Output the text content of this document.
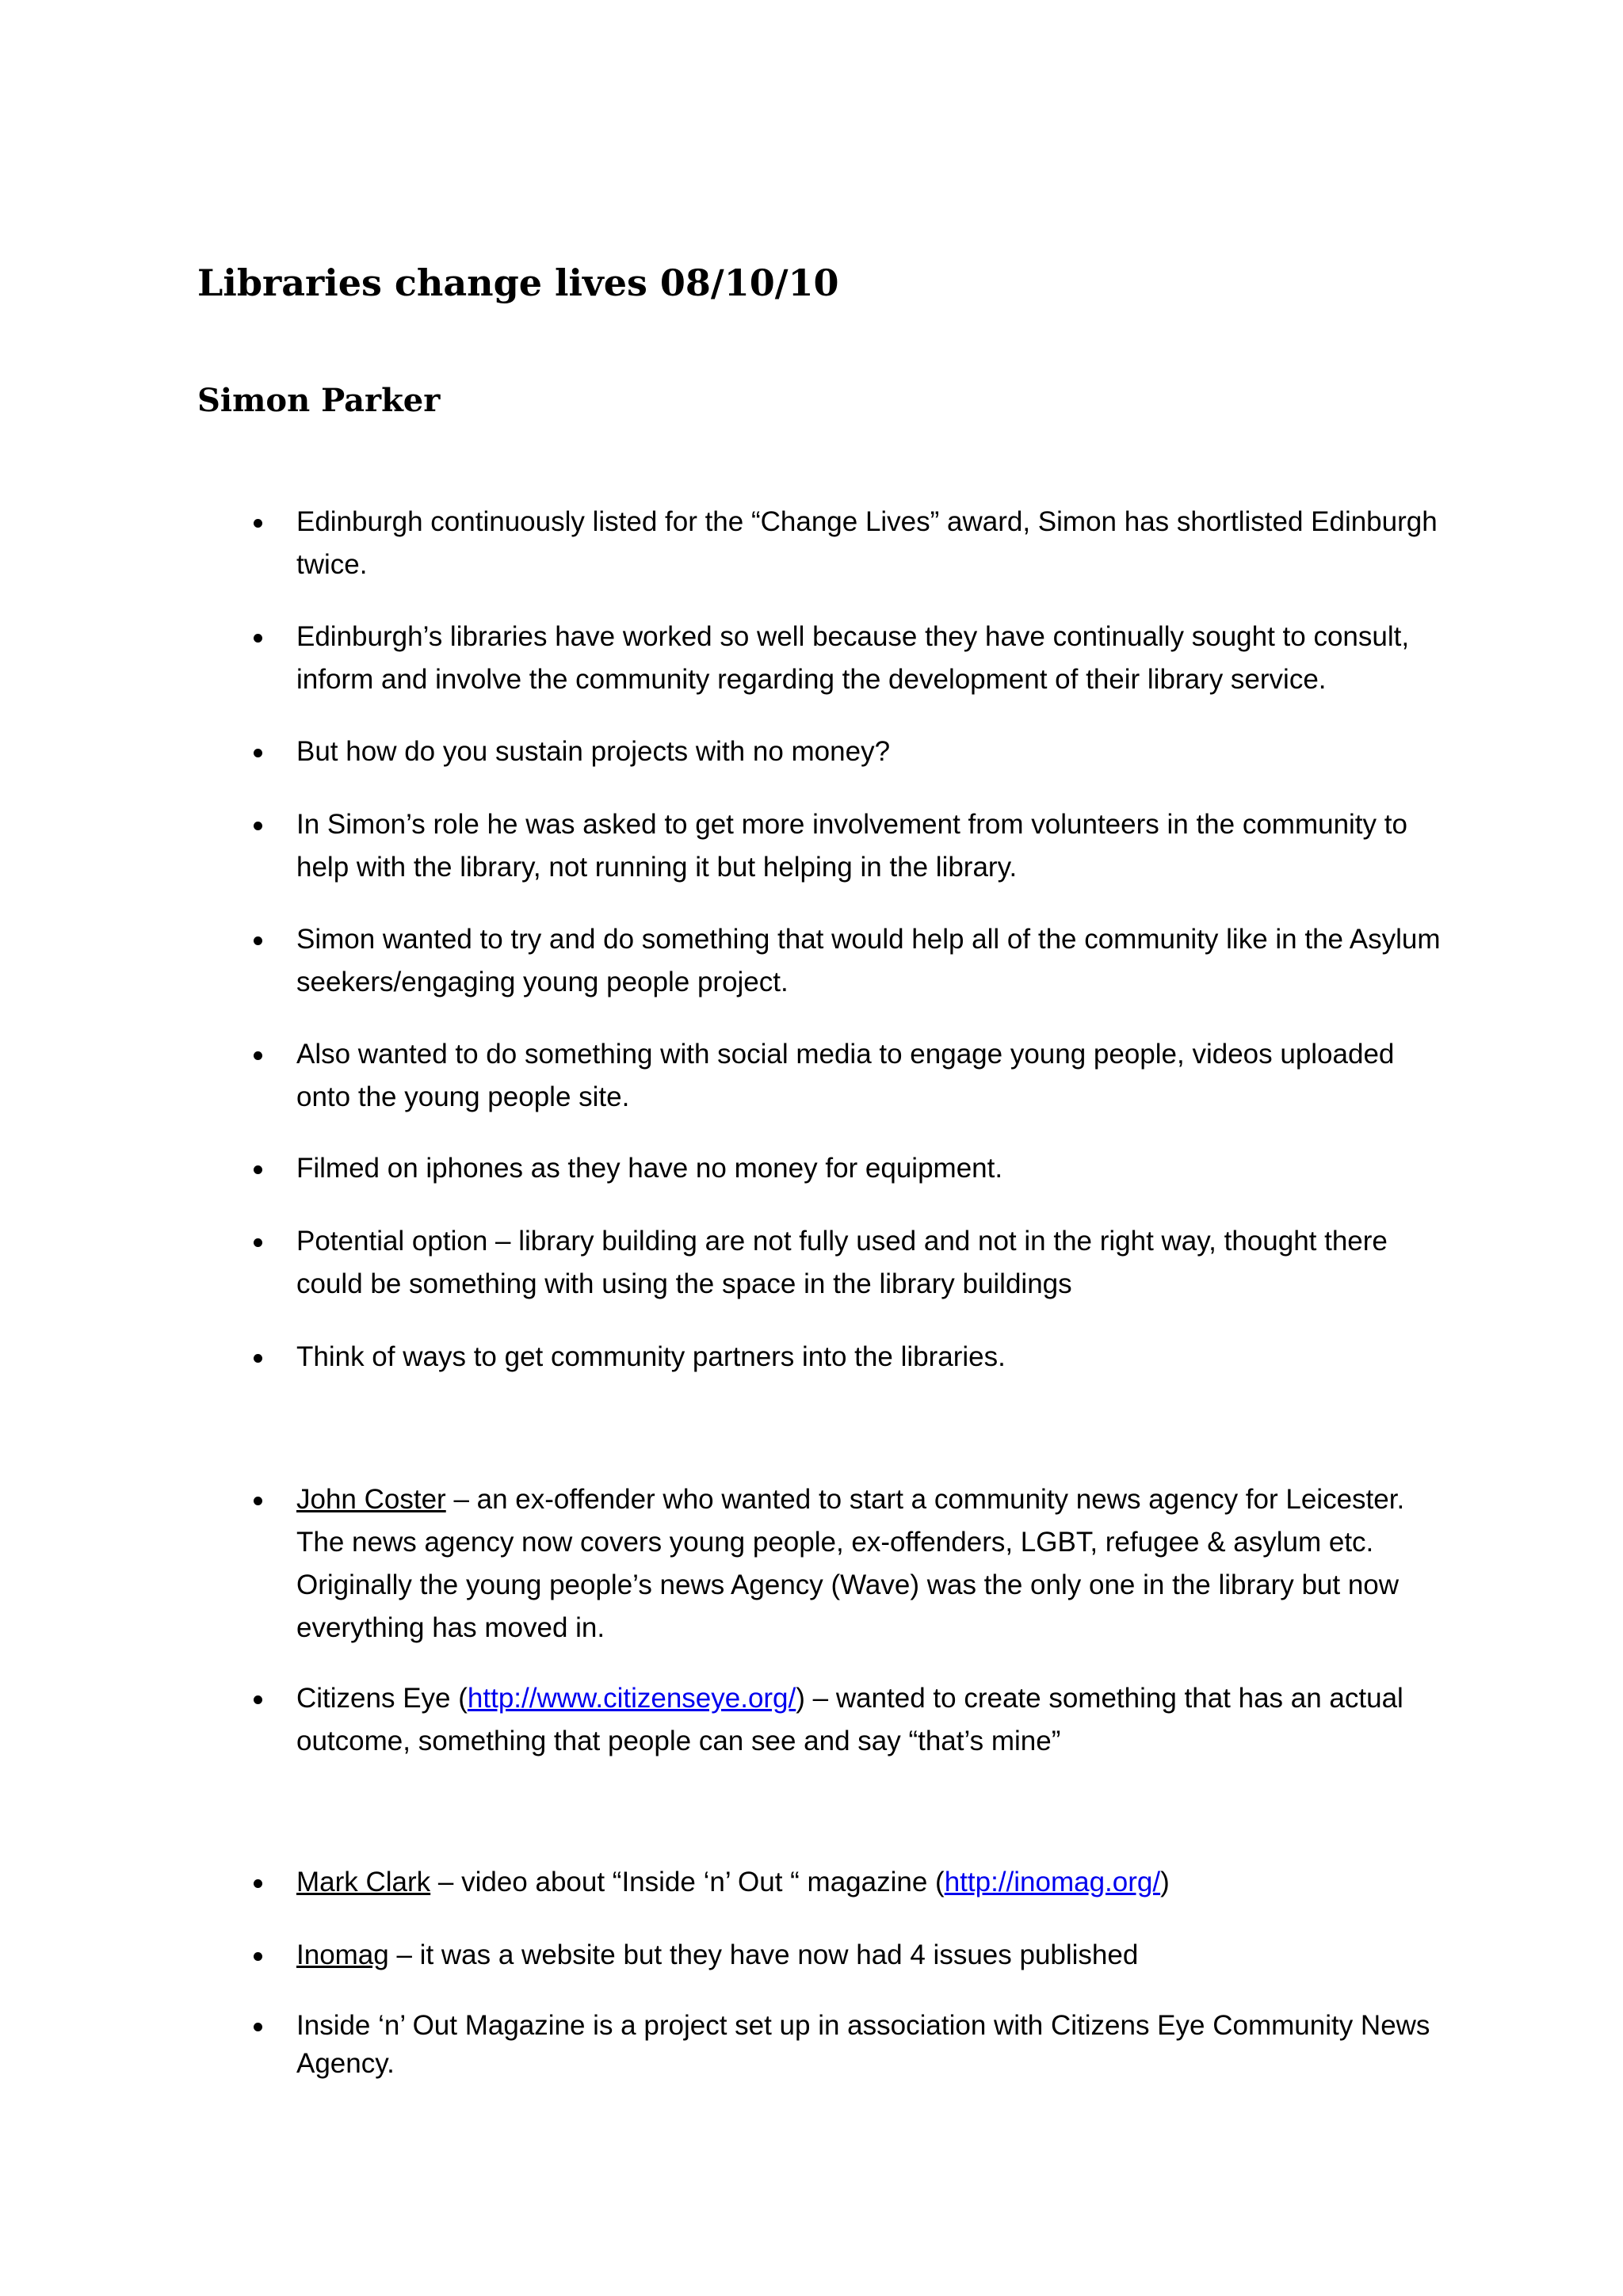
Libraries change lives 08/10/10
Simon Parker
Edinburgh continuously listed for the “Change Lives” award, Simon has shortlisted Edinburgh twice.
Edinburgh’s libraries have worked so well because they have continually sought to consult, inform and involve the community regarding the development of their library service.
But how do you sustain projects with no money?
In Simon’s role he was asked to get more involvement from volunteers in the community to help with the library, not running it but helping in the library.
Simon wanted to try and do something that would help all of the community like in the Asylum seekers/engaging young people project.
Also wanted to do something with social media to engage young people, videos uploaded onto the young people site.
Filmed on iphones as they have no money for equipment.
Potential option – library building are not fully used and not in the right way, thought there could be something with using the space in the library buildings
Think of ways to get community partners into the libraries.
John Coster – an ex-offender who wanted to start a community news agency for Leicester. The news agency now covers young people, ex-offenders, LGBT, refugee & asylum etc. Originally the young people’s news Agency (Wave) was the only one in the library but now everything has moved in.
Citizens Eye (http://www.citizenseye.org/) – wanted to create something that has an actual outcome, something that people can see and say “that’s mine”
Mark Clark – video about “Inside ‘n’ Out “ magazine (http://inomag.org/)
Inomag – it was a website but they have now had 4 issues published
Inside ‘n’ Out Magazine is a project set up in association with Citizens Eye Community News Agency.
